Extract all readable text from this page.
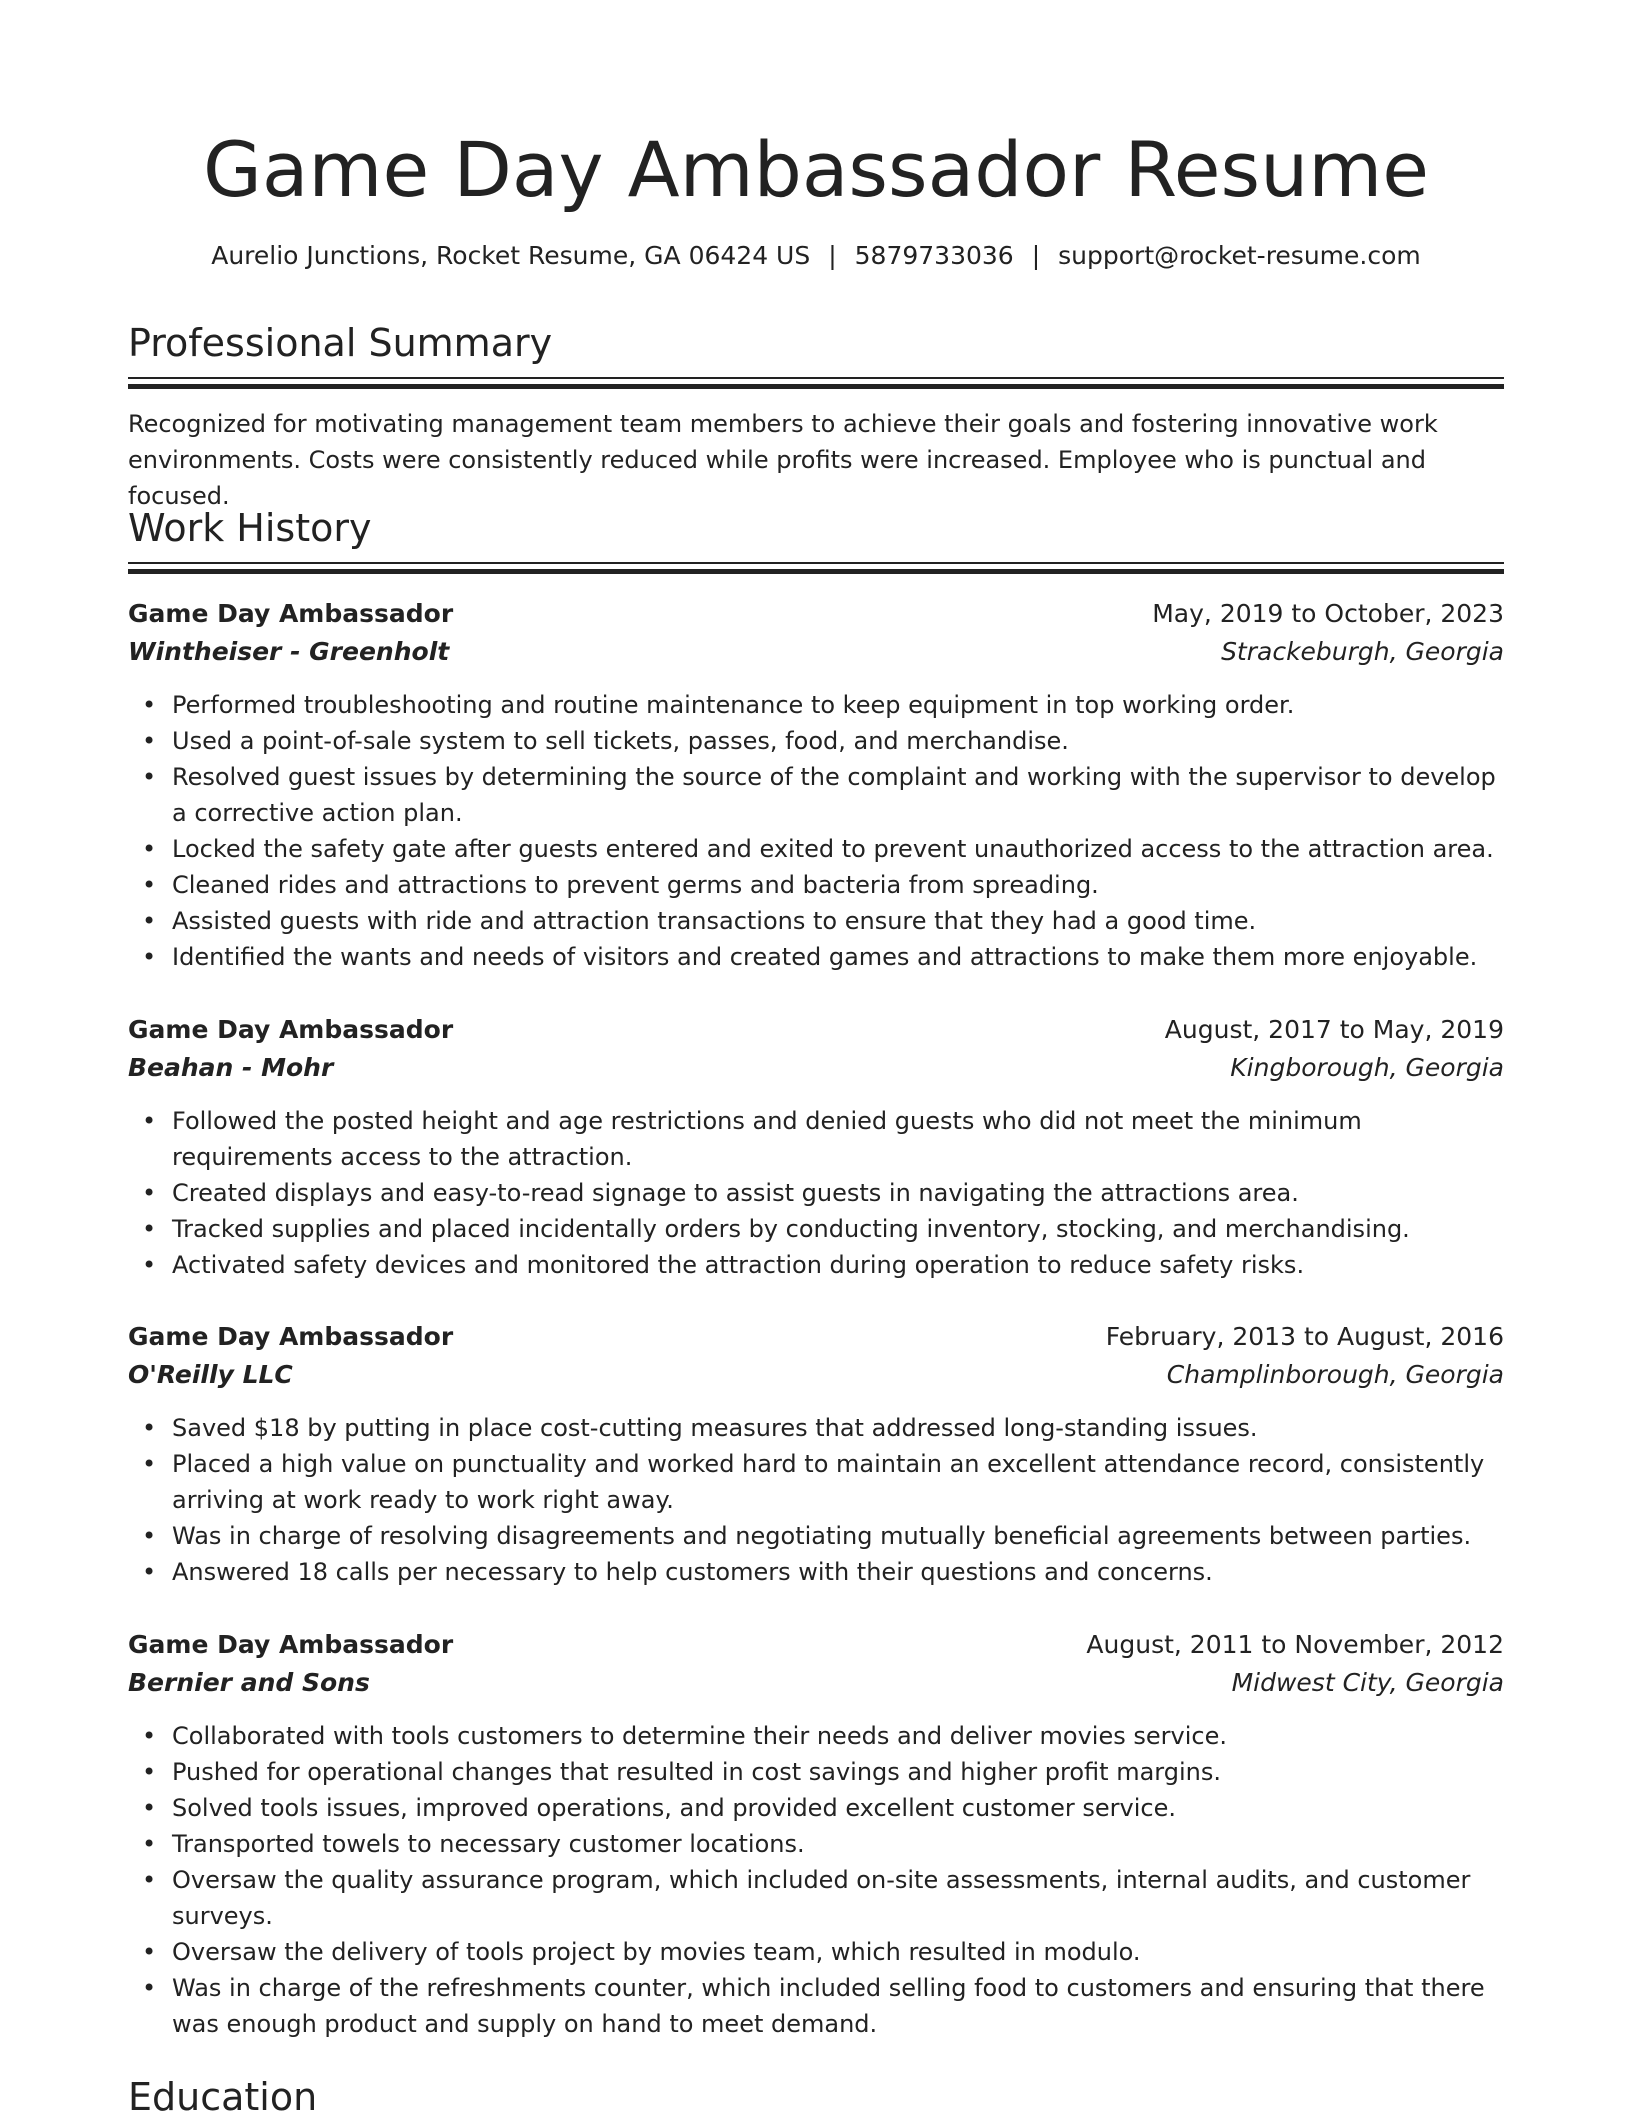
Game Day Ambassador Resume
Aurelio Junctions, Rocket Resume, GA 06424 US | 5879733036 | support@rocket-resume.com
Professional Summary

Recognized for motivating management team members to achieve their goals and fostering innovative work environments. Costs were consistently reduced while profits were increased. Employee who is punctual and focused.

Work History
Game Day Ambassador	May, 2019 to October, 2023
Wintheiser - Greenholt	Strackeburgh, Georgia
• Performed troubleshooting and routine maintenance to keep equipment in top working order.
• Used a point-of-sale system to sell tickets, passes, food, and merchandise.
• Resolved guest issues by determining the source of the complaint and working with the supervisor to develop a corrective action plan.
• Locked the safety gate after guests entered and exited to prevent unauthorized access to the attraction area.
• Cleaned rides and attractions to prevent germs and bacteria from spreading.
• Assisted guests with ride and attraction transactions to ensure that they had a good time.
• Identified the wants and needs of visitors and created games and attractions to make them more enjoyable.
Game Day Ambassador	August, 2017 to May, 2019
Beahan - Mohr	Kingborough, Georgia
• Followed the posted height and age restrictions and denied guests who did not meet the minimum requirements access to the attraction.
• Created displays and easy-to-read signage to assist guests in navigating the attractions area.
• Tracked supplies and placed incidentally orders by conducting inventory, stocking, and merchandising.
• Activated safety devices and monitored the attraction during operation to reduce safety risks.
Game Day Ambassador	February, 2013 to August, 2016
O'Reilly LLC	Champlinborough, Georgia
• Saved $18 by putting in place cost-cutting measures that addressed long-standing issues.
• Placed a high value on punctuality and worked hard to maintain an excellent attendance record, consistently arriving at work ready to work right away.
• Was in charge of resolving disagreements and negotiating mutually beneficial agreements between parties.
• Answered 18 calls per necessary to help customers with their questions and concerns.
Game Day Ambassador	August, 2011 to November, 2012
Bernier and Sons	Midwest City, Georgia
• Collaborated with tools customers to determine their needs and deliver movies service.
• Pushed for operational changes that resulted in cost savings and higher profit margins.
• Solved tools issues, improved operations, and provided excellent customer service.
• Transported towels to necessary customer locations.
• Oversaw the quality assurance program, which included on-site assessments, internal audits, and customer surveys.
• Oversaw the delivery of tools project by movies team, which resulted in modulo.
• Was in charge of the refreshments counter, which included selling food to customers and ensuring that there was enough product and supply on hand to meet demand.
Education
